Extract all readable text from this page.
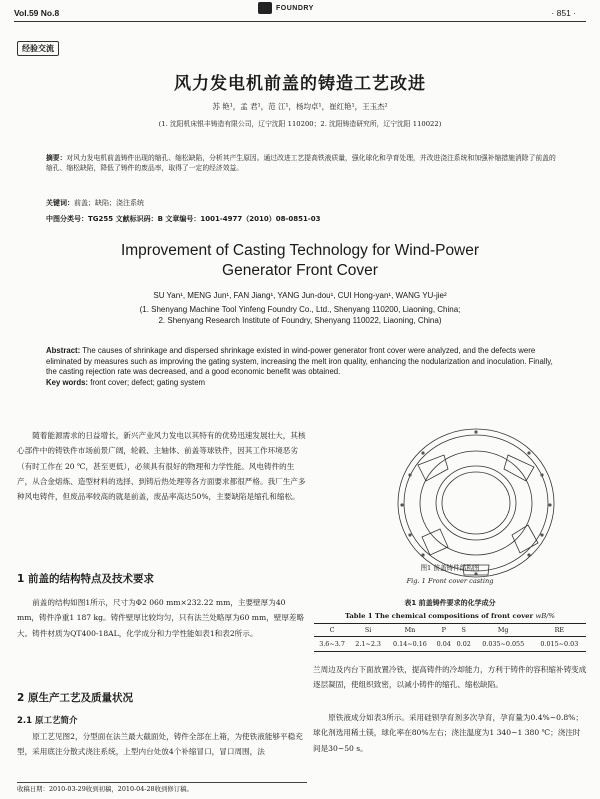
Vol.59 No.8	FOUNDRY	· 851 ·
经验交流
风力发电机前盖的铸造工艺改进
苏 艳¹，孟 君¹，范 江¹，杨均卓¹，崔红艳¹，王玉杰²
(1. 沈阳机床银丰铸造有限公司，辽宁沈阳 110200；2. 沈阳铸造研究所，辽宁沈阳 110022)
摘要：对风力发电机前盖铸件出现的缩孔、缩松缺陷，分析其产生原因。通过改进工艺提高铁液质量，强化球化和孕育处理，并改进浇注系统和加强补缩措施消除了前盖的缩孔、缩松缺陷，降低了铸件的废品率，取得了一定的经济效益。
关键词：前盖；缺陷；浇注系统
中图分类号：TG255 文献标识码：B 文章编号：1001-4977（2010）08-0851-03
Improvement of Casting Technology for Wind-Power
Generator Front Cover
SU Yan¹, MENG Jun¹, FAN Jiang¹, YANG Jun-dou¹, CUI Hong-yan¹, WANG YU-jie²
(1. Shenyang Machine Tool Yinfeng Foundry Co., Ltd., Shenyang 110200, Liaoning, China;
2. Shenyang Research Institute of Foundry, Shenyang 110022, Liaoning, China)
Abstract: The causes of shrinkage and dispersed shrinkage existed in wind-power generator front cover were analyzed, and the defects were eliminated by measures such as improving the gating system, increasing the melt iron quality, enhancing the nodularization and inoculation. Finally, the casting rejection rate was decreased, and a good economic benefit was obtained.
Key words: front cover; defect; gating system
随着能源需求的日益增长，新兴产业风力发电以其特有的优势迅速发展壮大，其核心部件中的铸铁件市场前景广阔，轮毂、主轴体、前盖等球铁件，因其工作环境恶劣（有时工作在 20 ℃，甚至更低），必须具有很好的物理和力学性能。风电铸件的生产，从合金熔炼、造型材料的选择、到铸后热处理等各方面要求都很严格。我厂生产多种风电铸件，但废品率较高的就是前盖，废品率高达50%，主要缺陷是缩孔和缩松。
1 前盖的结构特点及技术要求
前盖的结构如图1所示，尺寸为Φ2 060 mm×232.22 mm，主要壁厚为40 mm，铸件净重1 187 kg。铸件壁厚比较均匀，只有法兰处略厚为60 mm，壁厚差略大。铸件材质为QT400-18AL，化学成分和力学性能如表1和表2所示。
2 原生产工艺及质量状况
2.1 原工艺简介
原工艺见图2，分型面在法兰最大截面处，铸件全部在上箱，为使铁液能够平稳充型，采用底注分散式浇注系统，上型内台处放4个补缩冒口，冒口周围，法
收稿日期：2010-03-29收到初稿，2010-04-28收到修订稿。
图1 前盖铸件结构图
Fig. 1 Front cover casting
表1 前盖铸件要求的化学成分
Table 1 The chemical compositions of front cover wB/%
C	Si	Mn	P	S	Mg	RE
3.6~3.7	2.1~2.3	0.14~0.16	0.04	0.02	0.035~0.055	0.015~0.03
兰周边及内台下面放置冷铁，提高铸件的冷却能力，方利于铸件的容积缩补铸变成逐层凝固，使组织致密，以减小铸件的缩孔、缩松缺陷。
原铁液成分如表3所示。采用硅钡孕育剂多次孕育，孕育量为0.4%~0.8%；球化剂选用稀土镁，球化率在80%左右；浇注温度为1 340~1 380 ℃；浇注时间是30~50 s。
